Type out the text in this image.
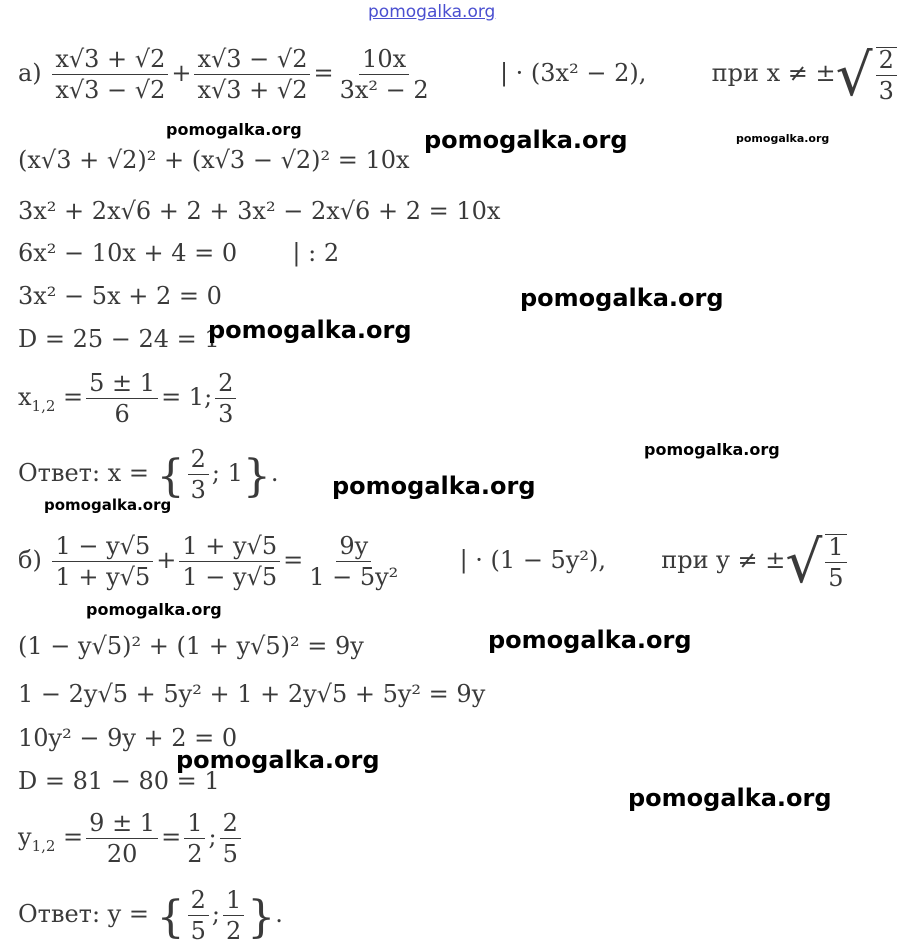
pomogalka.org
$а) \frac{x√3 + √2}{x√3 - √2} + \frac{x√3 - √2}{x√3 + √2} = \frac{10x}{\text{3x² − 2}}$	| · (3x² − 2),	при x ≠ ±√ $\frac{2}{3}$
(x√3 + √2)² + (x√3 − √2)² = 10x
3x² + 2x√6 + 2 + 3x² − 2x√6 + 2 = 10x
6x² − 10x + 4 = 0 | : 2
3x² − 5x + 2 = 0
D = 25 − 24 = 1
$x_{1,2} = \frac{5 \pm 1}{6} = 1$; $\frac{2}{3}$
Ответ: x = { $\frac{2}{3}$ ; 1}.
$б) \frac{1 - y√5}{1 + y√5} + \frac{1 + y√5}{1 - y√5} = \frac{9y}{\text{1 − 5y²}}$ | · (1 − 5y²), при y ≠ ±√ $\frac{1}{5}$
(1 − y√5)² + (1 + y√5)² = 9y
1 − 2y√5 + 5y² + 1 + 2y√5 + 5y² = 9y
10y² − 9y + 2 = 0
D = 81 − 80 = 1
$y_{1,2} = \frac{9 \pm 1}{20} = \frac{1}{2}$ ; $\frac{2}{5}$
Ответ: y = { $\frac{2}{5}$ ; $\frac{1}{2}$ }.
pomogalka.org	pomogalka.org	pomogalka.org
pomogalka.org
pomogalka.org
pomogalka.org
pomogalka.org
pomogalka.org
pomogalka.org
pomogalka.org
pomogalka.org
pomogalka.org
